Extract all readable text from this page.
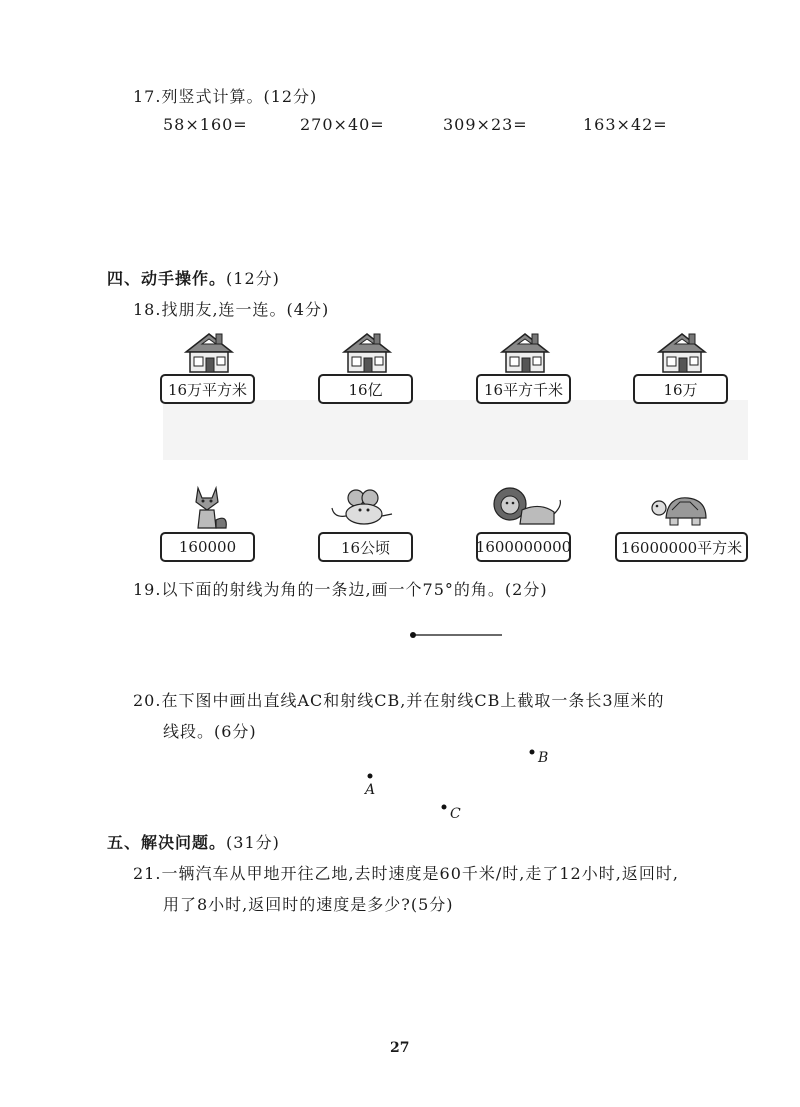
17.列竖式计算。(12分)
58×160=	270×40=	309×23=	163×42=
四、动手操作。(12分)
18.找朋友,连一连。(4分)
16万平方米	16亿	16平方千米	16万
160000	16公顷	1600000000	16000000平方米
19.以下面的射线为角的一条边,画一个75°的角。(2分)
20.在下图中画出直线AC和射线CB,并在射线CB上截取一条长3厘米的
线段。(6分)
B
A
C
五、解决问题。(31分)
21.一辆汽车从甲地开往乙地,去时速度是60千米/时,走了12小时,返回时,
用了8小时,返回时的速度是多少?(5分)
27
